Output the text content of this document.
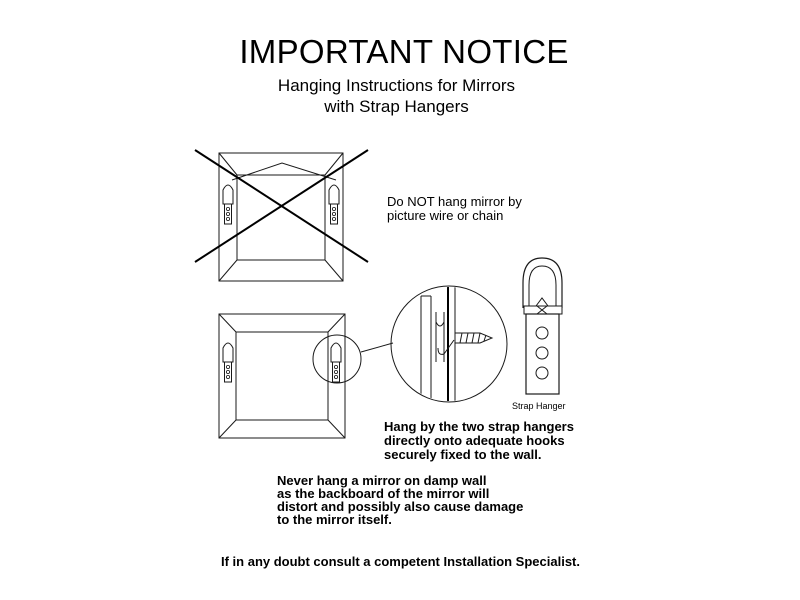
IMPORTANT NOTICE
Hanging Instructions for Mirrors
with Strap Hangers
Do NOT hang mirror by
picture wire or chain
Strap Hanger
Hang by the two strap hangers
directly onto adequate hooks
securely fixed to the wall.
Never hang a mirror on damp wall
as the backboard of the mirror will
distort and possibly also cause damage
to the mirror itself.
If in any doubt consult a competent Installation Specialist.
